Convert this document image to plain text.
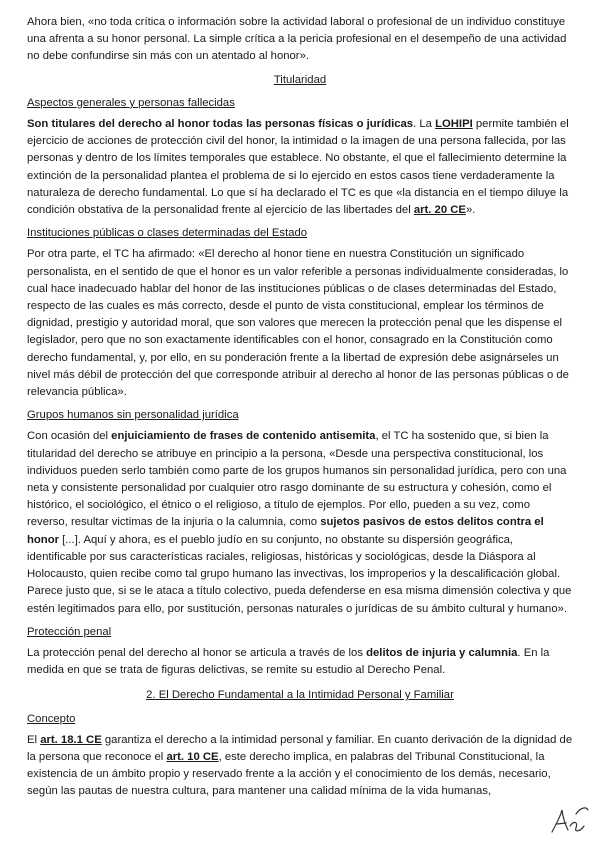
Ahora bien, «no toda crítica o información sobre la actividad laboral o profesional de un individuo constituye una afrenta a su honor personal. La simple crítica a la pericia profesional en el desempeño de una actividad no debe confundirse sin más con un atentado al honor».

Titularidad

Aspectos generales y personas fallecidas

Son titulares del derecho al honor todas las personas físicas o jurídicas. La LOHIPI permite también el ejercicio de acciones de protección civil del honor, la intimidad o la imagen de una persona fallecida, por las personas y dentro de los límites temporales que establece. No obstante, el que el fallecimiento determine la extinción de la personalidad plantea el problema de si lo ejercido en estos casos tiene verdaderamente la naturaleza de derecho fundamental. Lo que sí ha declarado el TC es que «la distancia en el tiempo diluye la condición obstativa de la personalidad frente al ejercicio de las libertades del art. 20 CE».

Instituciones públicas o clases determinadas del Estado

Por otra parte, el TC ha afirmado: «El derecho al honor tiene en nuestra Constitución un significado personalista, en el sentido de que el honor es un valor referible a personas individualmente consideradas, lo cual hace inadecuado hablar del honor de las instituciones públicas o de clases determinadas del Estado, respecto de las cuales es más correcto, desde el punto de vista constitucional, emplear los términos de dignidad, prestigio y autoridad moral, que son valores que merecen la protección penal que les dispense el legislador, pero que no son exactamente identificables con el honor, consagrado en la Constitución como derecho fundamental, y, por ello, en su ponderación frente a la libertad de expresión debe asignárseles un nivel más débil de protección del que corresponde atribuir al derecho al honor de las personas públicas o de relevancia pública».

Grupos humanos sin personalidad jurídica

Con ocasión del enjuiciamiento de frases de contenido antisemita, el TC ha sostenido que, si bien la titularidad del derecho se atribuye en principio a la persona, «Desde una perspectiva constitucional, los individuos pueden serlo también como parte de los grupos humanos sin personalidad jurídica, pero con una neta y consistente personalidad por cualquier otro rasgo dominante de su estructura y cohesión, como el histórico, el sociológico, el étnico o el religioso, a título de ejemplos. Por ello, pueden a su vez, como reverso, resultar victimas de la injuria o la calumnia, como sujetos pasivos de estos delitos contra el honor [...]. Aquí y ahora, es el pueblo judío en su conjunto, no obstante su dispersión geográfica, identificable por sus características raciales, religiosas, históricas y sociológicas, desde la Diáspora al Holocausto, quien recibe como tal grupo humano las invectivas, los improperios y la descalificación global. Parece justo que, si se le ataca a título colectivo, pueda defenderse en esa misma dimensión colectiva y que estén legitimados para ello, por sustitución, personas naturales o jurídicas de su ámbito cultural y humano».

Protección penal

La protección penal del derecho al honor se articula a través de los delitos de injuria y calumnia. En la medida en que se trata de figuras delictivas, se remite su estudio al Derecho Penal.

2. El Derecho Fundamental a la Intimidad Personal y Familiar

Concepto

El art. 18.1 CE garantiza el derecho a la intimidad personal y familiar. En cuanto derivación de la dignidad de la persona que reconoce el art. 10 CE, este derecho implica, en palabras del Tribunal Constitucional, la existencia de un ámbito propio y reservado frente a la acción y el conocimiento de los demás, necesario, según las pautas de nuestra cultura, para mantener una calidad mínima de la vida humanas,
